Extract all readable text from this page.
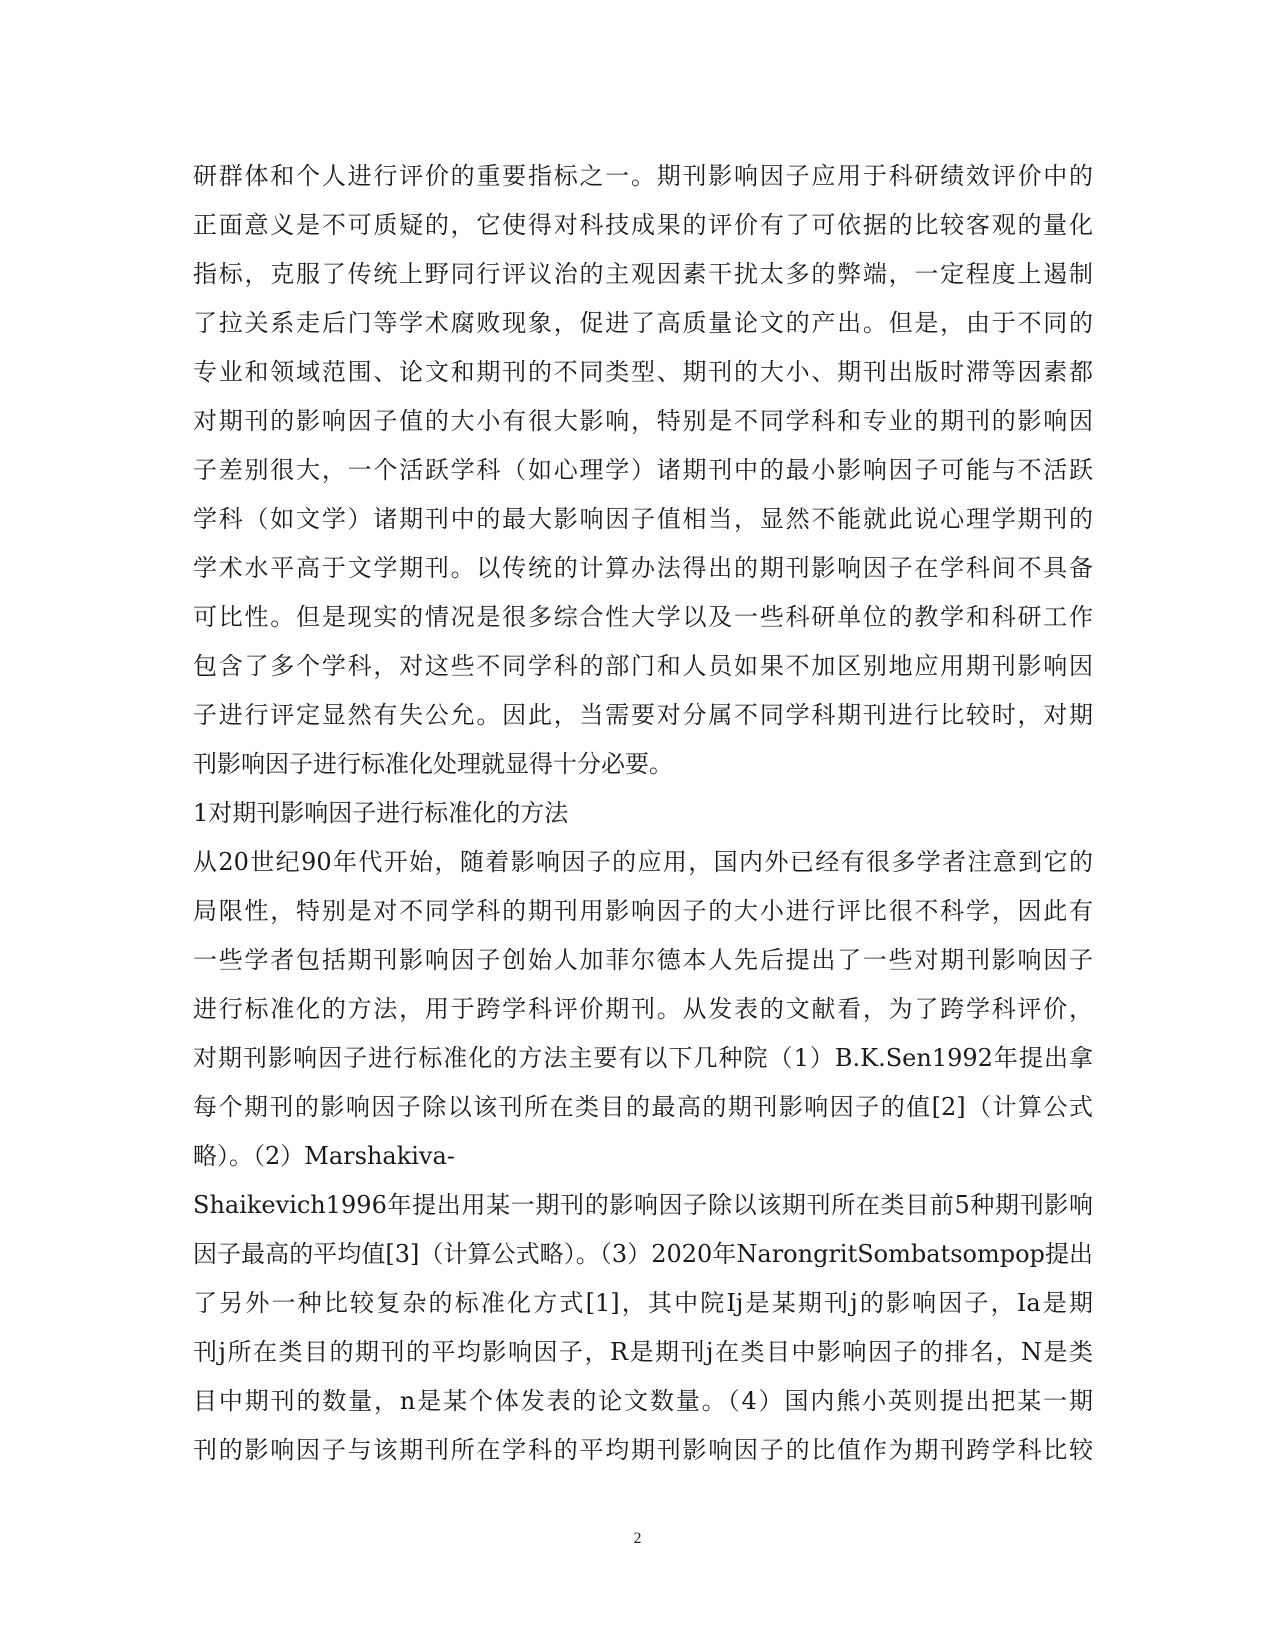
研群体和个人进行评价的重要指标之一。期刊影响因子应用于科研绩效评价中的
正面意义是不可质疑的，它使得对科技成果的评价有了可依据的比较客观的量化
指标，克服了传统上野同行评议治的主观因素干扰太多的弊端，一定程度上遏制
了拉关系走后门等学术腐败现象，促进了高质量论文的产出。但是，由于不同的
专业和领域范围、论文和期刊的不同类型、期刊的大小、期刊出版时滞等因素都
对期刊的影响因子值的大小有很大影响，特别是不同学科和专业的期刊的影响因
子差别很大，一个活跃学科（如心理学）诸期刊中的最小影响因子可能与不活跃
学科（如文学）诸期刊中的最大影响因子值相当，显然不能就此说心理学期刊的
学术水平高于文学期刊。以传统的计算办法得出的期刊影响因子在学科间不具备
可比性。但是现实的情况是很多综合性大学以及一些科研单位的教学和科研工作
包含了多个学科，对这些不同学科的部门和人员如果不加区别地应用期刊影响因
子进行评定显然有失公允。因此，当需要对分属不同学科期刊进行比较时，对期
刊影响因子进行标准化处理就显得十分必要。
1对期刊影响因子进行标准化的方法
从20世纪90年代开始，随着影响因子的应用，国内外已经有很多学者注意到它的
局限性，特别是对不同学科的期刊用影响因子的大小进行评比很不科学，因此有
一些学者包括期刊影响因子创始人加菲尔德本人先后提出了一些对期刊影响因子
进行标准化的方法，用于跨学科评价期刊。从发表的文献看，为了跨学科评价，
对期刊影响因子进行标准化的方法主要有以下几种院（1）B.K.Sen1992年提出拿
每个期刊的影响因子除以该刊所在类目的最高的期刊影响因子的值[2]（计算公式
略）。（2）Marshakiva-
Shaikevich1996年提出用某一期刊的影响因子除以该期刊所在类目前5种期刊影响
因子最高的平均值[3]（计算公式略）。（3）2020年NarongritSombatsompop提出
了另外一种比较复杂的标准化方式[1]，其中院Ij是某期刊j的影响因子，Ia是期
刊j所在类目的期刊的平均影响因子，R是期刊j在类目中影响因子的排名，N是类
目中期刊的数量，n是某个体发表的论文数量。（4）国内熊小英则提出把某一期
刊的影响因子与该期刊所在学科的平均期刊影响因子的比值作为期刊跨学科比较
2
